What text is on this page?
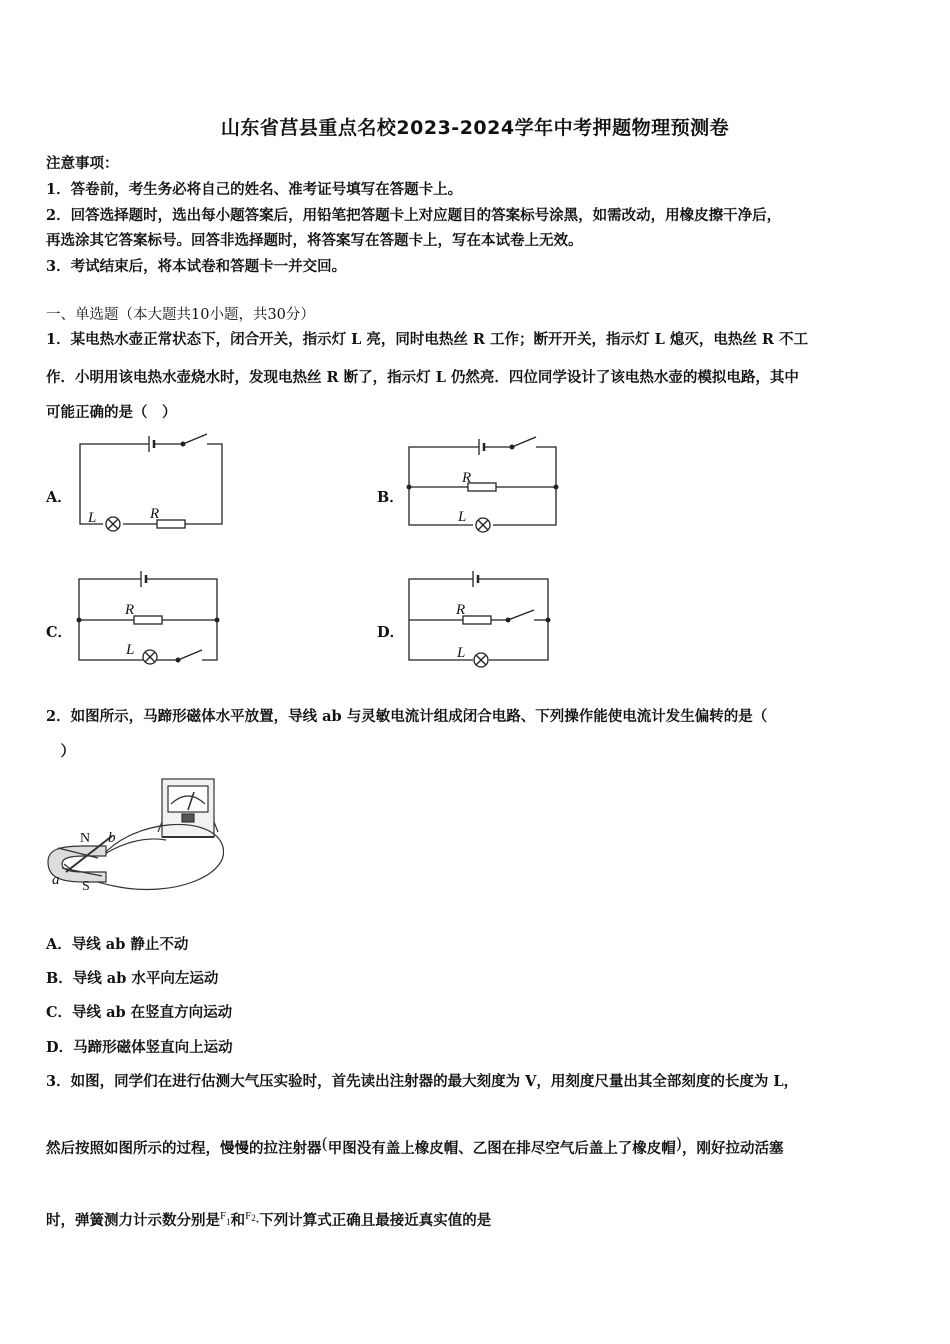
山东省莒县重点名校2023-2024学年中考押题物理预测卷
注意事项：
1．答卷前，考生务必将自己的姓名、准考证号填写在答题卡上。
2．回答选择题时，选出每小题答案后，用铅笔把答题卡上对应题目的答案标号涂黑，如需改动，用橡皮擦干净后，
再选涂其它答案标号。回答非选择题时，将答案写在答题卡上，写在本试卷上无效。
3．考试结束后，将本试卷和答题卡一并交回。
一、单选题（本大题共10小题，共30分）
1．某电热水壶正常状态下，闭合开关，指示灯 L 亮，同时电热丝 R 工作；断开开关，指示灯 L 熄灭，电热丝 R 不工
作．小明用该电热水壶烧水时，发现电热丝 R 断了，指示灯 L 仍然亮．四位同学设计了该电热水壶的模拟电路，其中
可能正确的是（　）
A．	B．
C．	D．
L	R
R
L
R
L
R
L
2．如图所示，马蹄形磁体水平放置，导线 ab 与灵敏电流计组成闭合电路、下列操作能使电流计发生偏转的是（
　）
N
S
a
b
A．导线 ab 静止不动
B．导线 ab 水平向左运动
C．导线 ab 在竖直方向运动
D．马蹄形磁体竖直向上运动
3．如图，同学们在进行估测大气压实验时，首先读出注射器的最大刻度为 V，用刻度尺量出其全部刻度的长度为 L，
然后按照如图所示的过程，慢慢的拉注射器(甲图没有盖上橡皮帽、乙图在排尽空气后盖上了橡皮帽)，刚好拉动活塞
时，弹簧测力计示数分别是$^F$1和$^{F2}$·下列计算式正确且最接近真实值的是
